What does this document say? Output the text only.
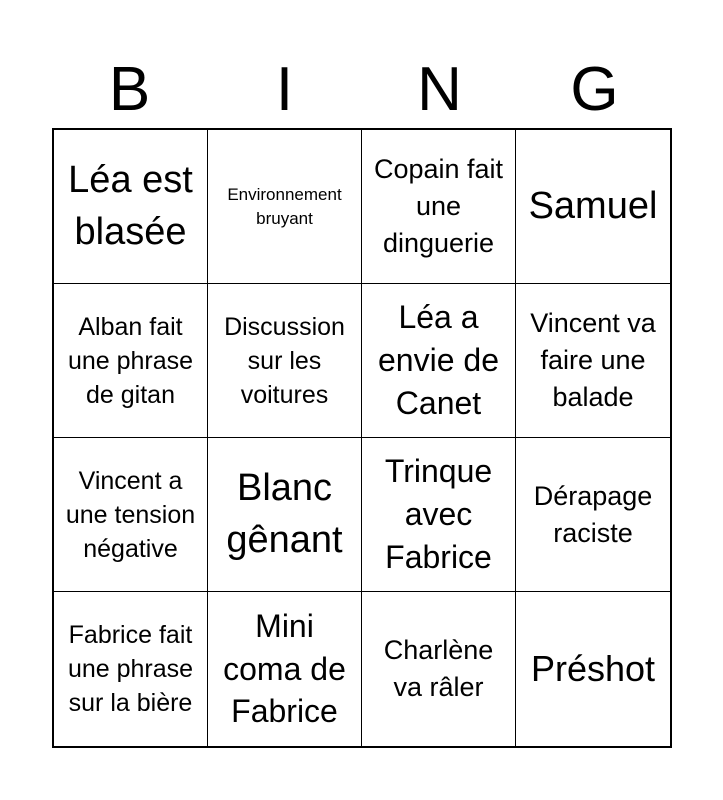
B	I	N	G
Léa est blasée
Environnement bruyant
Copain fait une dinguerie
Samuel
Alban fait une phrase de gitan
Discussion sur les voitures
Léa a envie de Canet
Vincent va faire une balade
Vincent a une tension négative
Blanc gênant
Trinque avec Fabrice
Dérapage raciste
Fabrice fait une phrase sur la bière
Mini coma de Fabrice
Charlène va râler	Préshot
